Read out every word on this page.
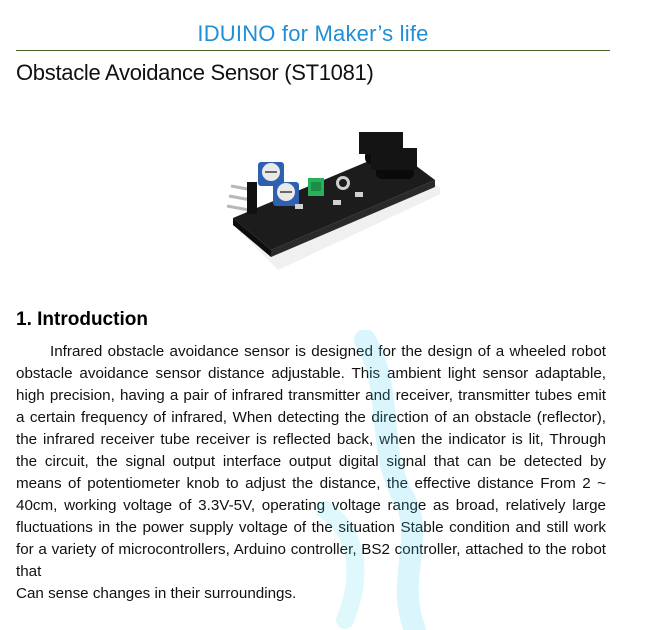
IDUINO for Maker’s life
Obstacle Avoidance Sensor (ST1081)
1. Introduction

Infrared obstacle avoidance sensor is designed for the design of a wheeled robot obstacle avoidance sensor distance adjustable. This ambient light sensor adaptable, high precision, having a pair of infrared transmitter and receiver, transmitter tubes emit a certain frequency of infrared, When detecting the direction of an obstacle (reflector), the infrared receiver tube receiver is reflected back, when the indicator is lit, Through the circuit, the signal output interface output digital signal that can be detected by means of potentiometer knob to adjust the distance, the effective distance From 2 ~ 40cm, working voltage of 3.3V-5V, operating voltage range as broad, relatively large fluctuations in the power supply voltage of the situation Stable condition and still work for a variety of microcontrollers, Arduino controller, BS2 controller, attached to the robot that

Can sense changes in their surroundings.
